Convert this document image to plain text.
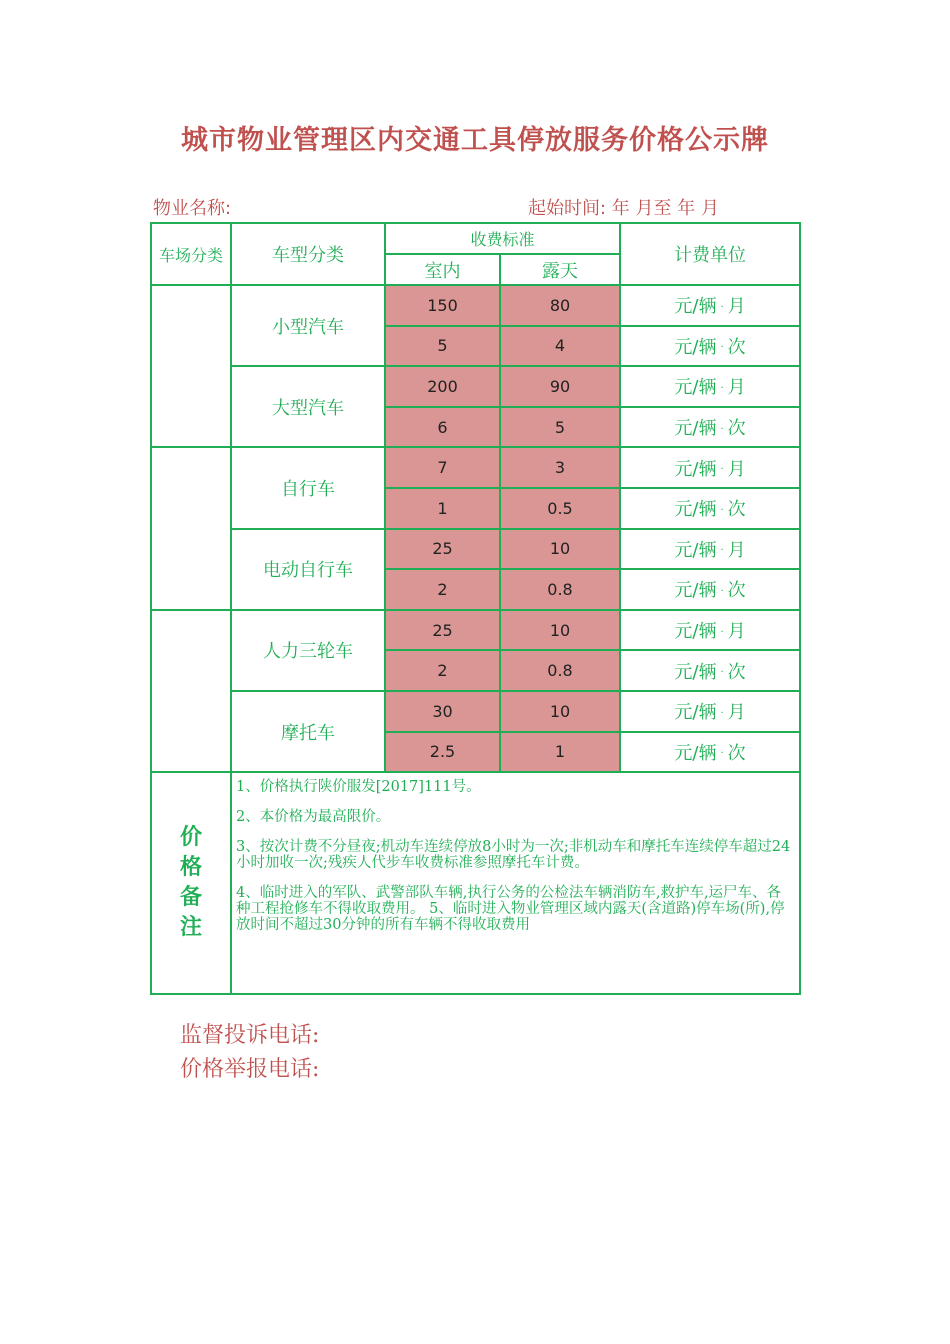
城市物业管理区内交通工具停放服务价格公示牌
物业名称:	起始时间: 年 月至 年 月
车场分类	车型分类	收费标准		计费单位
		室内	露天	
	小型汽车	150	80	元/辆 · 月
		5	4	元/辆 · 次
	大型汽车	200	90	元/辆 · 月
		6	5	元/辆 · 次
	自行车	7	3	元/辆 · 月
		1	0.5	元/辆 · 次
	电动自行车	25	10	元/辆 · 月
		2	0.8	元/辆 · 次
	人力三轮车	25	10	元/辆 · 月
		2	0.8	元/辆 · 次
	摩托车	30	10	元/辆 · 月
		2.5	1	元/辆 · 次
价格备注	1、价格执行陕价服发[2017]111号。

2、本价格为最高限价。

3、按次计费不分昼夜;机动车连续停放8小时为一次;非机动车和摩托车连续停车超过24小时加收一次;残疾人代步车收费标准参照摩托车计费。

4、临时进入的军队、武警部队车辆,执行公务的公检法车辆消防车,救护车,运尸车、各种工程抢修车不得收取费用。 5、临时进入物业管理区域内露天(含道路)停车场(所),停放时间不超过30分钟的所有车辆不得收取费用			

监督投诉电话:
价格举报电话:
